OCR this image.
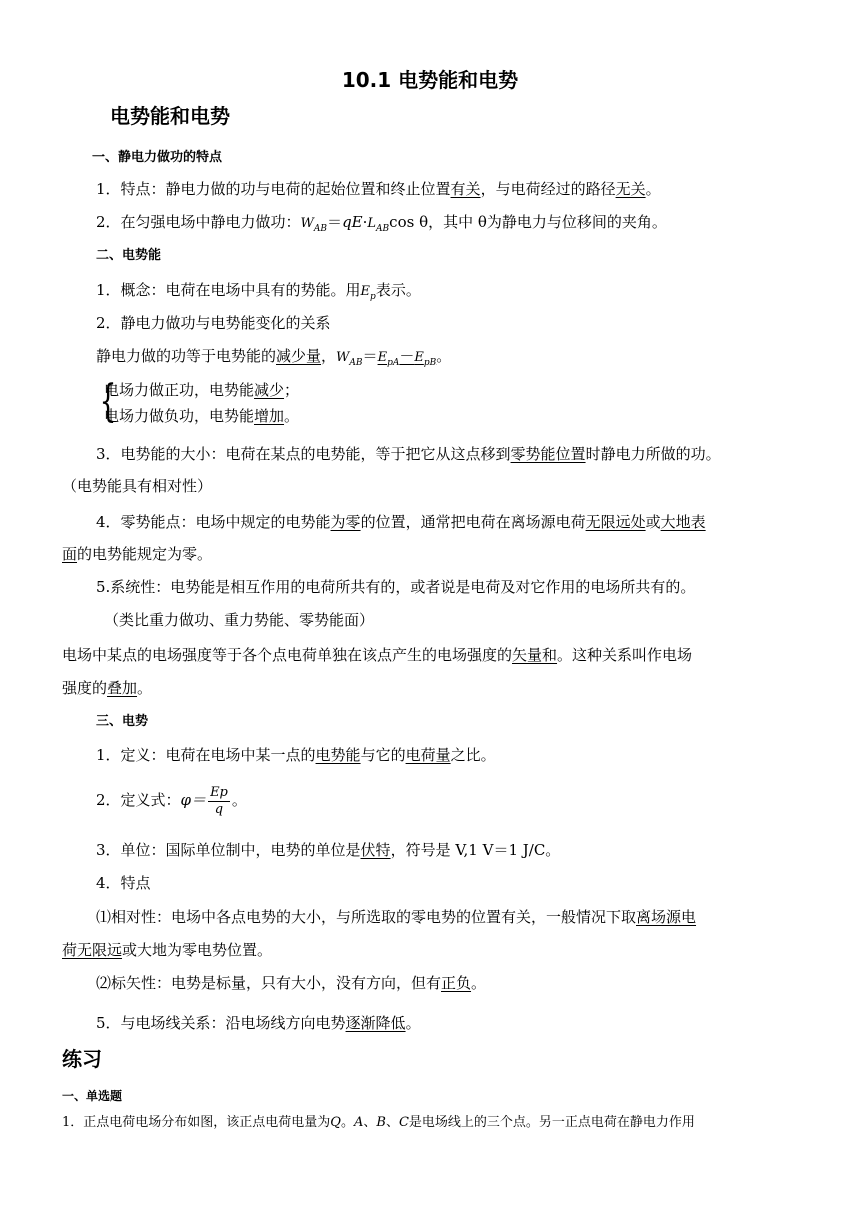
10.1 电势能和电势
电势能和电势
一、静电力做功的特点
1．特点：静电力做的功与电荷的起始位置和终止位置有关，与电荷经过的路径无关。
2．在匀强电场中静电力做功：$W_{AB}=qE\cdot L_{AB}\cos$ θ，其中 θ为静电力与位移间的夹角。
二、电势能
1．概念：电荷在电场中具有的势能。用$E_p$表示。
2．静电力做功与电势能变化的关系
静电力做的功等于电势能的减少量，$W_{AB}=E_{pA}-E_{pB}$。
{
电场力做正功，电势能减少；
电场力做负功，电势能增加。
3．电势能的大小：电荷在某点的电势能，等于把它从这点移到零势能位置时静电力所做的功。
（电势能具有相对性）
4．零势能点：电场中规定的电势能为零的位置，通常把电荷在离场源电荷无限远处或大地表
面的电势能规定为零。
5.系统性：电势能是相互作用的电荷所共有的，或者说是电荷及对它作用的电场所共有的。
（类比重力做功、重力势能、零势能面）
电场中某点的电场强度等于各个点电荷单独在该点产生的电场强度的矢量和。这种关系叫作电场
强度的叠加。
三、电势
1．定义：电荷在电场中某一点的电势能与它的电荷量之比。
2．定义式：$\varphi= \frac{Ep}{q}$ 。
3．单位：国际单位制中，电势的单位是伏特，符号是 V,1 V＝1 J/C。
4．特点
⑴相对性：电场中各点电势的大小，与所选取的零电势的位置有关，一般情况下取离场源电
荷无限远或大地为零电势位置。
⑵标矢性：电势是标量，只有大小，没有方向，但有正负。
5．与电场线关系：沿电场线方向电势逐渐降低。
练习
一、单选题
1．正点电荷电场分布如图，该正点电荷电量为Q。A、B、C是电场线上的三个点。另一正点电荷在静电力作用
